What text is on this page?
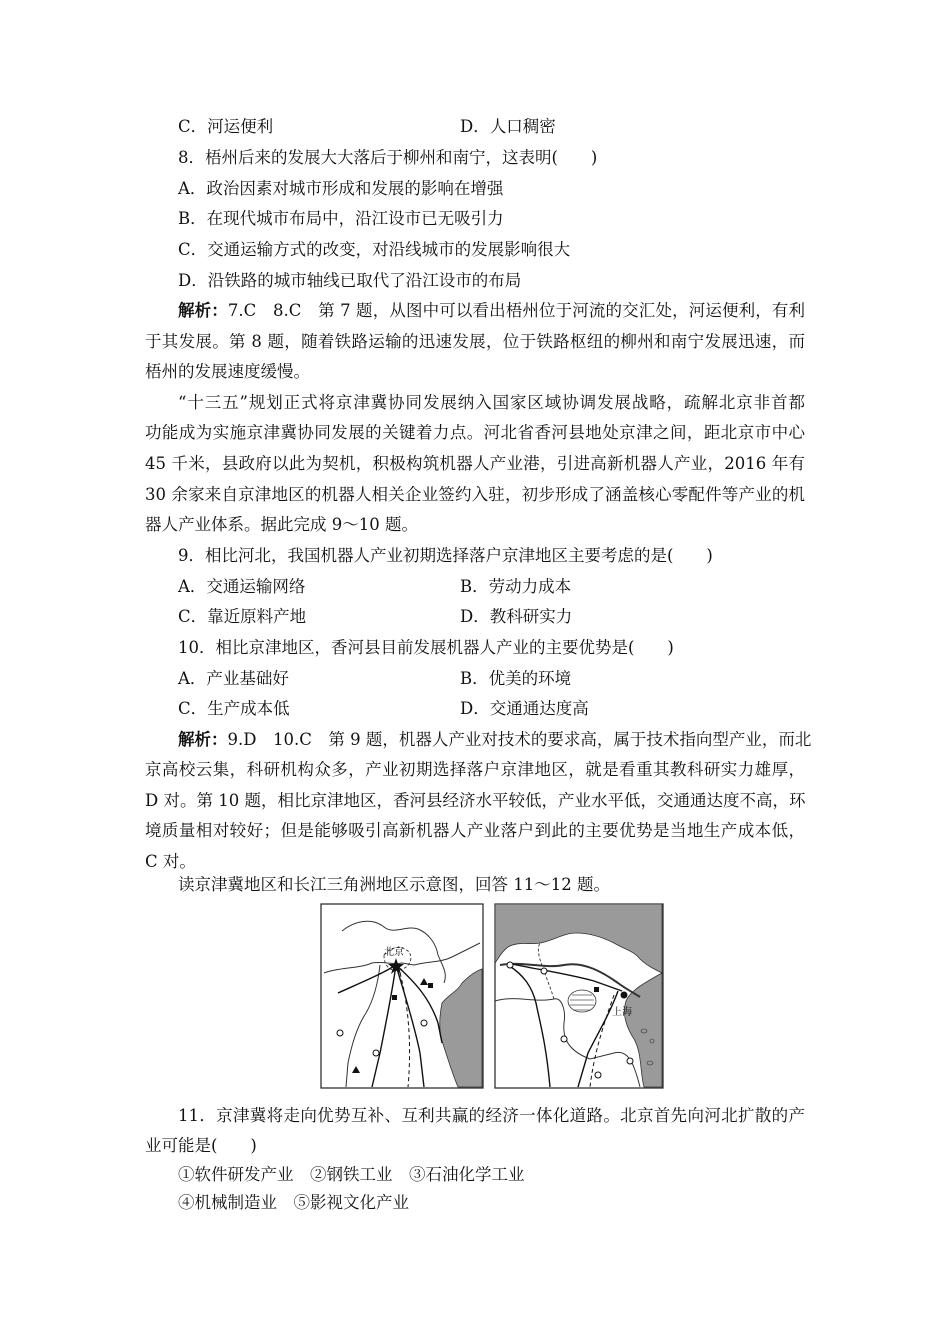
C．河运便利	D．人口稠密
8．梧州后来的发展大大落后于柳州和南宁，这表明(　　)
A．政治因素对城市形成和发展的影响在增强
B．在现代城市布局中，沿江设市已无吸引力
C．交通运输方式的改变，对沿线城市的发展影响很大
D．沿铁路的城市轴线已取代了沿江设市的布局
解析：7.C　8.C　第 7 题，从图中可以看出梧州位于河流的交汇处，河运便利，有利
于其发展。第 8 题，随着铁路运输的迅速发展，位于铁路枢纽的柳州和南宁发展迅速，而
梧州的发展速度缓慢。
“十三五”规划正式将京津冀协同发展纳入国家区域协调发展战略，疏解北京非首都
功能成为实施京津冀协同发展的关键着力点。河北省香河县地处京津之间，距北京市中心
45 千米，县政府以此为契机，积极构筑机器人产业港，引进高新机器人产业，2016 年有
30 余家来自京津地区的机器人相关企业签约入驻，初步形成了涵盖核心零配件等产业的机
器人产业体系。据此完成 9～10 题。
9．相比河北，我国机器人产业初期选择落户京津地区主要考虑的是(　　)
A．交通运输网络	B．劳动力成本
C．靠近原料产地	D．教科研实力
10．相比京津地区，香河县目前发展机器人产业的主要优势是(　　)
A．产业基础好	B．优美的环境
C．生产成本低	D．交通通达度高
解析：9.D　10.C　第 9 题，机器人产业对技术的要求高，属于技术指向型产业，而北
京高校云集，科研机构众多，产业初期选择落户京津地区，就是看重其教科研实力雄厚，
D 对。第 10 题，相比京津地区，香河县经济水平较低，产业水平低，交通通达度不高，环
境质量相对较好；但是能够吸引高新机器人产业落户到此的主要优势是当地生产成本低，
C 对。
读京津冀地区和长江三角洲地区示意图，回答 11～12 题。
北京
上海
11．京津冀将走向优势互补、互利共赢的经济一体化道路。北京首先向河北扩散的产
业可能是(　　)
①软件研发产业　②钢铁工业　③石油化学工业
④机械制造业　⑤影视文化产业
